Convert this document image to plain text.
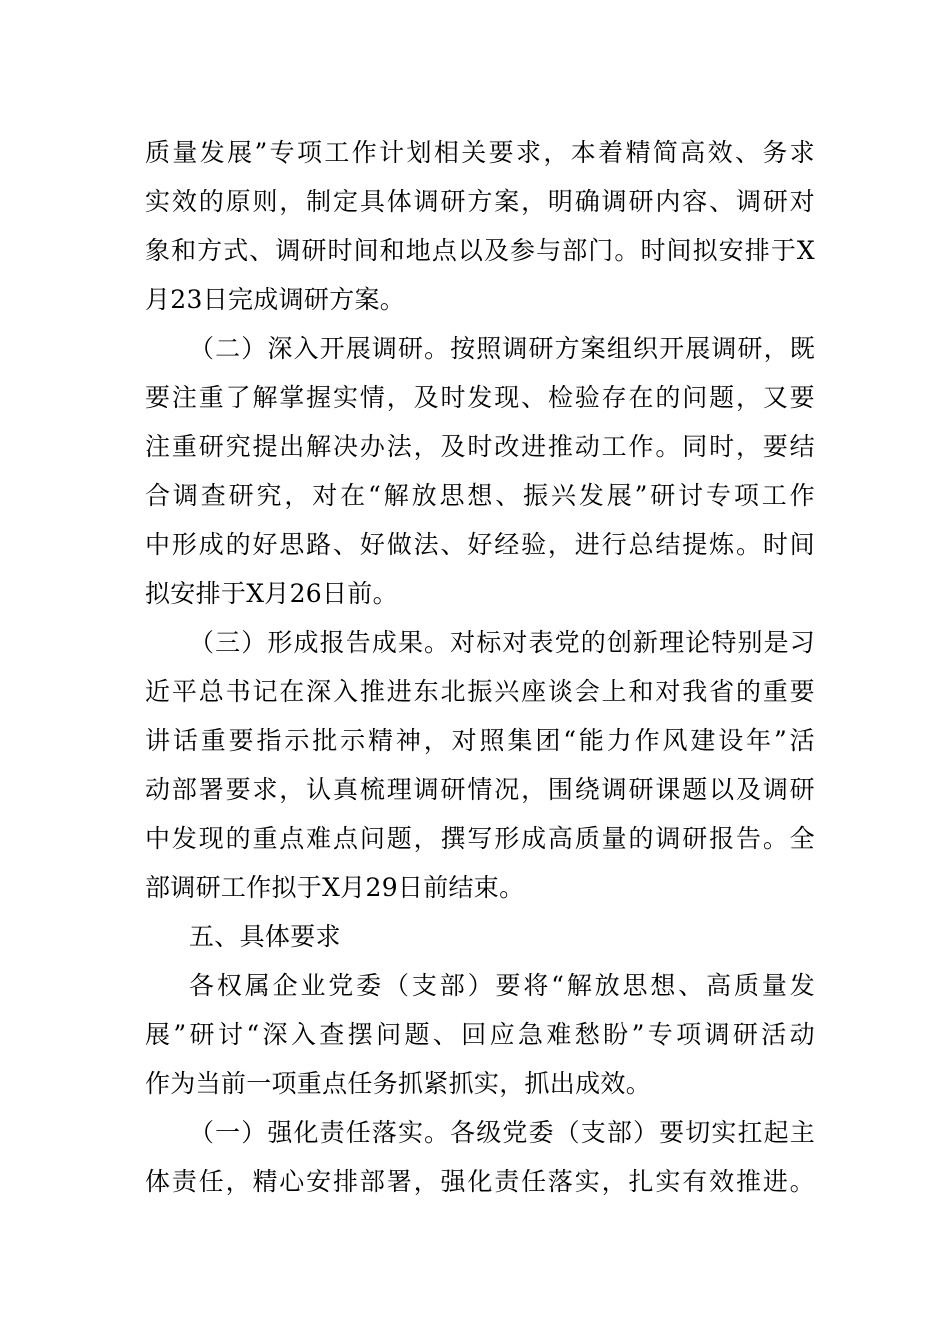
质量发展”专项工作计划相关要求，本着精简高效、务求
实效的原则，制定具体调研方案，明确调研内容、调研对
象和方式、调研时间和地点以及参与部门。时间拟安排于X
月23日完成调研方案。
（二）深入开展调研。按照调研方案组织开展调研，既
要注重了解掌握实情，及时发现、检验存在的问题，又要
注重研究提出解决办法，及时改进推动工作。同时，要结
合调查研究，对在“解放思想、振兴发展”研讨专项工作
中形成的好思路、好做法、好经验，进行总结提炼。时间
拟安排于X月26日前。
（三）形成报告成果。对标对表党的创新理论特别是习
近平总书记在深入推进东北振兴座谈会上和对我省的重要
讲话重要指示批示精神，对照集团“能力作风建设年”活
动部署要求，认真梳理调研情况，围绕调研课题以及调研
中发现的重点难点问题，撰写形成高质量的调研报告。全
部调研工作拟于X月29日前结束。
五、具体要求
各权属企业党委（支部）要将“解放思想、高质量发
展”研讨“深入查摆问题、回应急难愁盼”专项调研活动
作为当前一项重点任务抓紧抓实，抓出成效。
（一）强化责任落实。各级党委（支部）要切实扛起主
体责任，精心安排部署，强化责任落实，扎实有效推进。
